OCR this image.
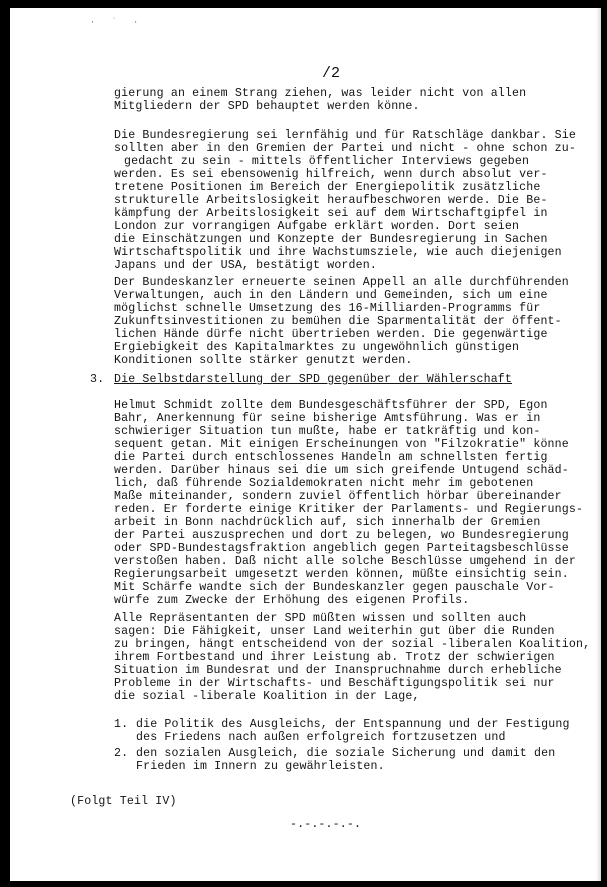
· ˙ ·
/2
gierung an einem Strang ziehen, was leider nicht von allen
Mitgliedern der SPD behauptet werden könne.
Die Bundesregierung sei lernfähig und für Ratschläge dankbar. Sie
sollten aber in den Gremien der Partei und nicht - ohne schon zu-
gedacht zu sein - mittels öffentlicher Interviews gegeben
werden. Es sei ebensowenig hilfreich, wenn durch absolut ver-
tretene Positionen im Bereich der Energiepolitik zusätzliche
strukturelle Arbeitslosigkeit heraufbeschworen werde. Die Be-
kämpfung der Arbeitslosigkeit sei auf dem Wirtschaftgipfel in
London zur vorrangigen Aufgabe erklärt worden. Dort seien
die Einschätzungen und Konzepte der Bundesregierung in Sachen
Wirtschaftspolitik und ihre Wachstumsziele, wie auch diejenigen
Japans und der USA, bestätigt worden.
Der Bundeskanzler erneuerte seinen Appell an alle durchführenden
Verwaltungen, auch in den Ländern und Gemeinden, sich um eine
möglichst schnelle Umsetzung des 16-Milliarden-Programms für
Zukunftsinvestitionen zu bemühen die Sparmentalität der öffent-
lichen Hände dürfe nicht übertrieben werden. Die gegenwärtige
Ergiebigkeit des Kapitalmarktes zu ungewöhnlich günstigen
Konditionen sollte stärker genutzt werden.
3. Die Selbstdarstellung der SPD gegenüber der Wählerschaft
Helmut Schmidt zollte dem Bundesgeschäftsführer der SPD, Egon
Bahr, Anerkennung für seine bisherige Amtsführung. Was er in
schwieriger Situation tun mußte, habe er tatkräftig und kon-
sequent getan. Mit einigen Erscheinungen von "Filzokratie" könne
die Partei durch entschlossenes Handeln am schnellsten fertig
werden. Darüber hinaus sei die um sich greifende Untugend schäd-
lich, daß führende Sozialdemokraten nicht mehr im gebotenen
Maße miteinander, sondern zuviel öffentlich hörbar übereinander
reden. Er forderte einige Kritiker der Parlaments- und Regierungs-
arbeit in Bonn nachdrücklich auf, sich innerhalb der Gremien
der Partei auszusprechen und dort zu belegen, wo Bundesregierung
oder SPD-Bundestagsfraktion angeblich gegen Parteitagsbeschlüsse
verstoßen haben. Daß nicht alle solche Beschlüsse umgehend in der
Regierungsarbeit umgesetzt werden können, müßte einsichtig sein.
Mit Schärfe wandte sich der Bundeskanzler gegen pauschale Vor-
würfe zum Zwecke der Erhöhung des eigenen Profils.
Alle Repräsentanten der SPD müßten wissen und sollten auch
sagen: Die Fähigkeit, unser Land weiterhin gut über die Runden
zu bringen, hängt entscheidend von der sozial -liberalen Koalition,
ihrem Fortbestand und ihrer Leistung ab. Trotz der schwierigen
Situation im Bundesrat und der Inanspruchnahme durch erhebliche
Probleme in der Wirtschafts- und Beschäftigungspolitik sei nur
die sozial -liberale Koalition in der Lage,
1. die Politik des Ausgleichs, der Entspannung und der Festigung
des Friedens nach außen erfolgreich fortzusetzen und
2. den sozialen Ausgleich, die soziale Sicherung und damit den
Frieden im Innern zu gewährleisten.
(Folgt Teil IV)
-.-.-.-.-.
